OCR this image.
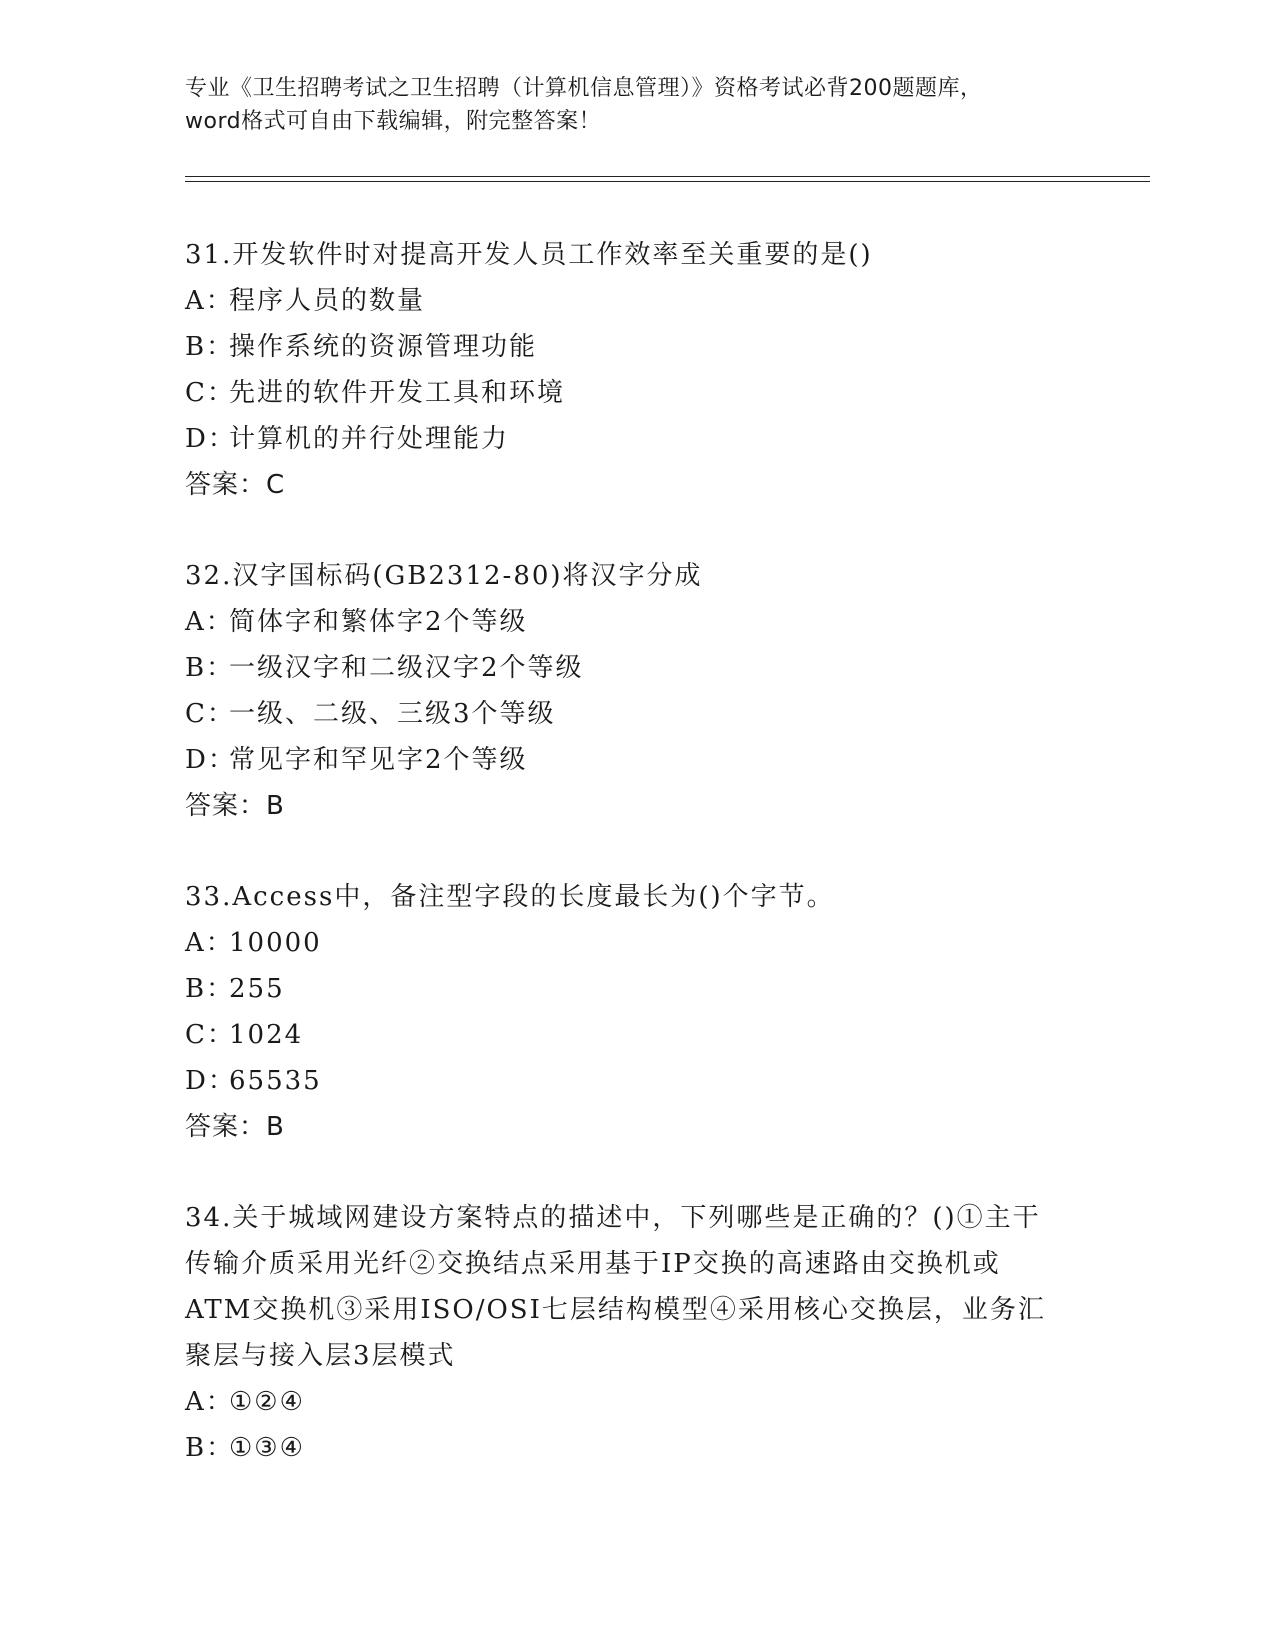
专业《卫生招聘考试之卫生招聘（计算机信息管理）》资格考试必背200题题库，
word格式可自由下载编辑，附完整答案！
31.开发软件时对提高开发人员工作效率至关重要的是()
A：程序人员的数量
B：操作系统的资源管理功能
C：先进的软件开发工具和环境
D：计算机的并行处理能力
答案：C
32.汉字国标码(GB2312-80)将汉字分成
A：简体字和繁体字2个等级
B：一级汉字和二级汉字2个等级
C：一级、二级、三级3个等级
D：常见字和罕见字2个等级
答案：B
33.Access中，备注型字段的长度最长为()个字节。
A：10000
B：255
C：1024
D：65535
答案：B
34.关于城域网建设方案特点的描述中，下列哪些是正确的？()①主干
传输介质采用光纤②交换结点采用基于IP交换的高速路由交换机或
ATM交换机③采用ISO/OSI七层结构模型④采用核心交换层，业务汇
聚层与接入层3层模式
A：①②④
B：①③④
